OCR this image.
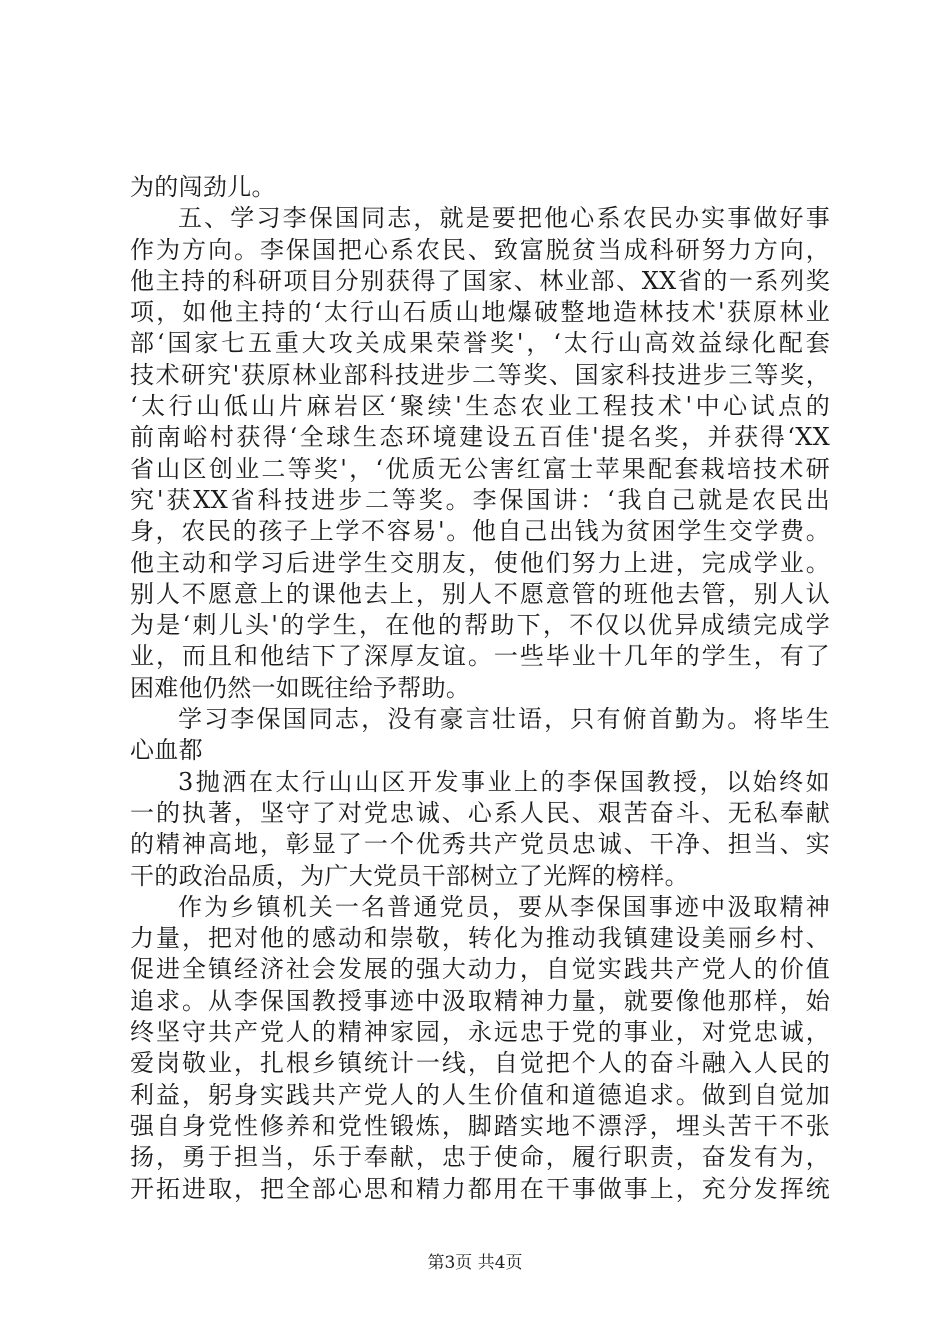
为的闯劲儿。
五、学习李保国同志，就是要把他心系农民办实事做好事
作为方向。李保国把心系农民、致富脱贫当成科研努力方向，
他主持的科研项目分别获得了国家、林业部、XX省的一系列奖
项，如他主持的‘太行山石质山地爆破整地造林技术'获原林业
部‘国家七五重大攻关成果荣誉奖'，‘太行山高效益绿化配套
技术研究'获原林业部科技进步二等奖、国家科技进步三等奖，
‘太行山低山片麻岩区‘聚续'生态农业工程技术'中心试点的
前南峪村获得‘全球生态环境建设五百佳'提名奖，并获得‘XX
省山区创业二等奖'，‘优质无公害红富士苹果配套栽培技术研
究'获XX省科技进步二等奖。李保国讲：‘我自己就是农民出
身，农民的孩子上学不容易'。他自己出钱为贫困学生交学费。
他主动和学习后进学生交朋友，使他们努力上进，完成学业。
别人不愿意上的课他去上，别人不愿意管的班他去管，别人认
为是‘刺儿头'的学生，在他的帮助下，不仅以优异成绩完成学
业，而且和他结下了深厚友谊。一些毕业十几年的学生，有了
困难他仍然一如既往给予帮助。
学习李保国同志，没有豪言壮语，只有俯首勤为。将毕生
心血都
3抛洒在太行山山区开发事业上的李保国教授，以始终如
一的执著，坚守了对党忠诚、心系人民、艰苦奋斗、无私奉献
的精神高地，彰显了一个优秀共产党员忠诚、干净、担当、实
干的政治品质，为广大党员干部树立了光辉的榜样。
作为乡镇机关一名普通党员，要从李保国事迹中汲取精神
力量，把对他的感动和崇敬，转化为推动我镇建设美丽乡村、
促进全镇经济社会发展的强大动力，自觉实践共产党人的价值
追求。从李保国教授事迹中汲取精神力量，就要像他那样，始
终坚守共产党人的精神家园，永远忠于党的事业，对党忠诚，
爱岗敬业，扎根乡镇统计一线，自觉把个人的奋斗融入人民的
利益，躬身实践共产党人的人生价值和道德追求。做到自觉加
强自身党性修养和党性锻炼，脚踏实地不漂浮，埋头苦干不张
扬，勇于担当，乐于奉献，忠于使命，履行职责，奋发有为，
开拓进取，把全部心思和精力都用在干事做事上，充分发挥统
第3页 共4页
